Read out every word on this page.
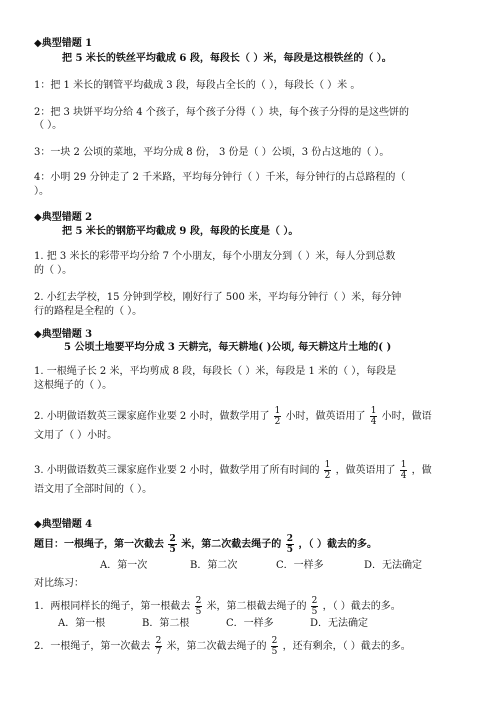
◆典型错题 1
把 5 米长的铁丝平均截成 6 段，每段长（ ）米，每段是这根铁丝的（ ）。
1：把 1 米长的钢管平均截成 3 段，每段占全长的（ ），每段长（ ）米 。
2：把 3 块饼平均分给 4 个孩子，每个孩子分得（ ）块，每个孩子分得的是这些饼的
（ ）。
3：一块 2 公顷的菜地，平均分成 8 份， 3 份是（ ）公顷，3 份占这地的（ ）。
4：小明 29 分钟走了 2 千米路，平均每分钟行（ ）千米，每分钟行的占总路程的（
）。
◆典型错题 2
把 5 米长的钢筋平均截成 9 段，每段的长度是（ ）。
1. 把 3 米长的彩带平均分给 7 个小朋友，每个小朋友分到（ ）米，每人分到总数
的（ ）。
2. 小红去学校，15 分钟到学校，刚好行了 500 米，平均每分钟行（ ）米，每分钟
行的路程是全程的（ ）。
◆典型错题 3
5 公顷土地要平均分成 3 天耕完，每天耕地( )公顷, 每天耕这片土地的( )
1. 一根绳子长 2 米，平均剪成 8 段，每段长（ ）米，每段是 1 米的（ ），每段是
这根绳子的（ ）。
2. 小明做语数英三课家庭作业要 2 小时，做数学用了 $\frac{1}{2}$ 小时，做英语用了 $\frac{1}{4}$ 小时，做语
文用了（ ）小时。
3. 小明做语数英三课家庭作业要 2 小时，做数学用了所有时间的 $\frac{1}{2}$ ，做英语用了 $\frac{1}{4}$ ，做
语文用了全部时间的（ ）。
◆典型错题 4
题目：一根绳子，第一次截去 $\frac{2}{5}$ 米，第二次截去绳子的 $\frac{2}{5}$ ，（ ）截去的多。
A．第一次	B．第二次	C．一样多	D．无法确定
对比练习：
1．两根同样长的绳子，第一根截去 $\frac{2}{5}$ 米，第二根截去绳子的 $\frac{2}{5}$ ，（ ）截去的多。
A．第一根	B．第二根	C．一样多	D．无法确定
2．一根绳子，第一次截去 $\frac{2}{7}$ 米，第二次截去绳子的 $\frac{2}{5}$ ，还有剩余，（ ）截去的多。
